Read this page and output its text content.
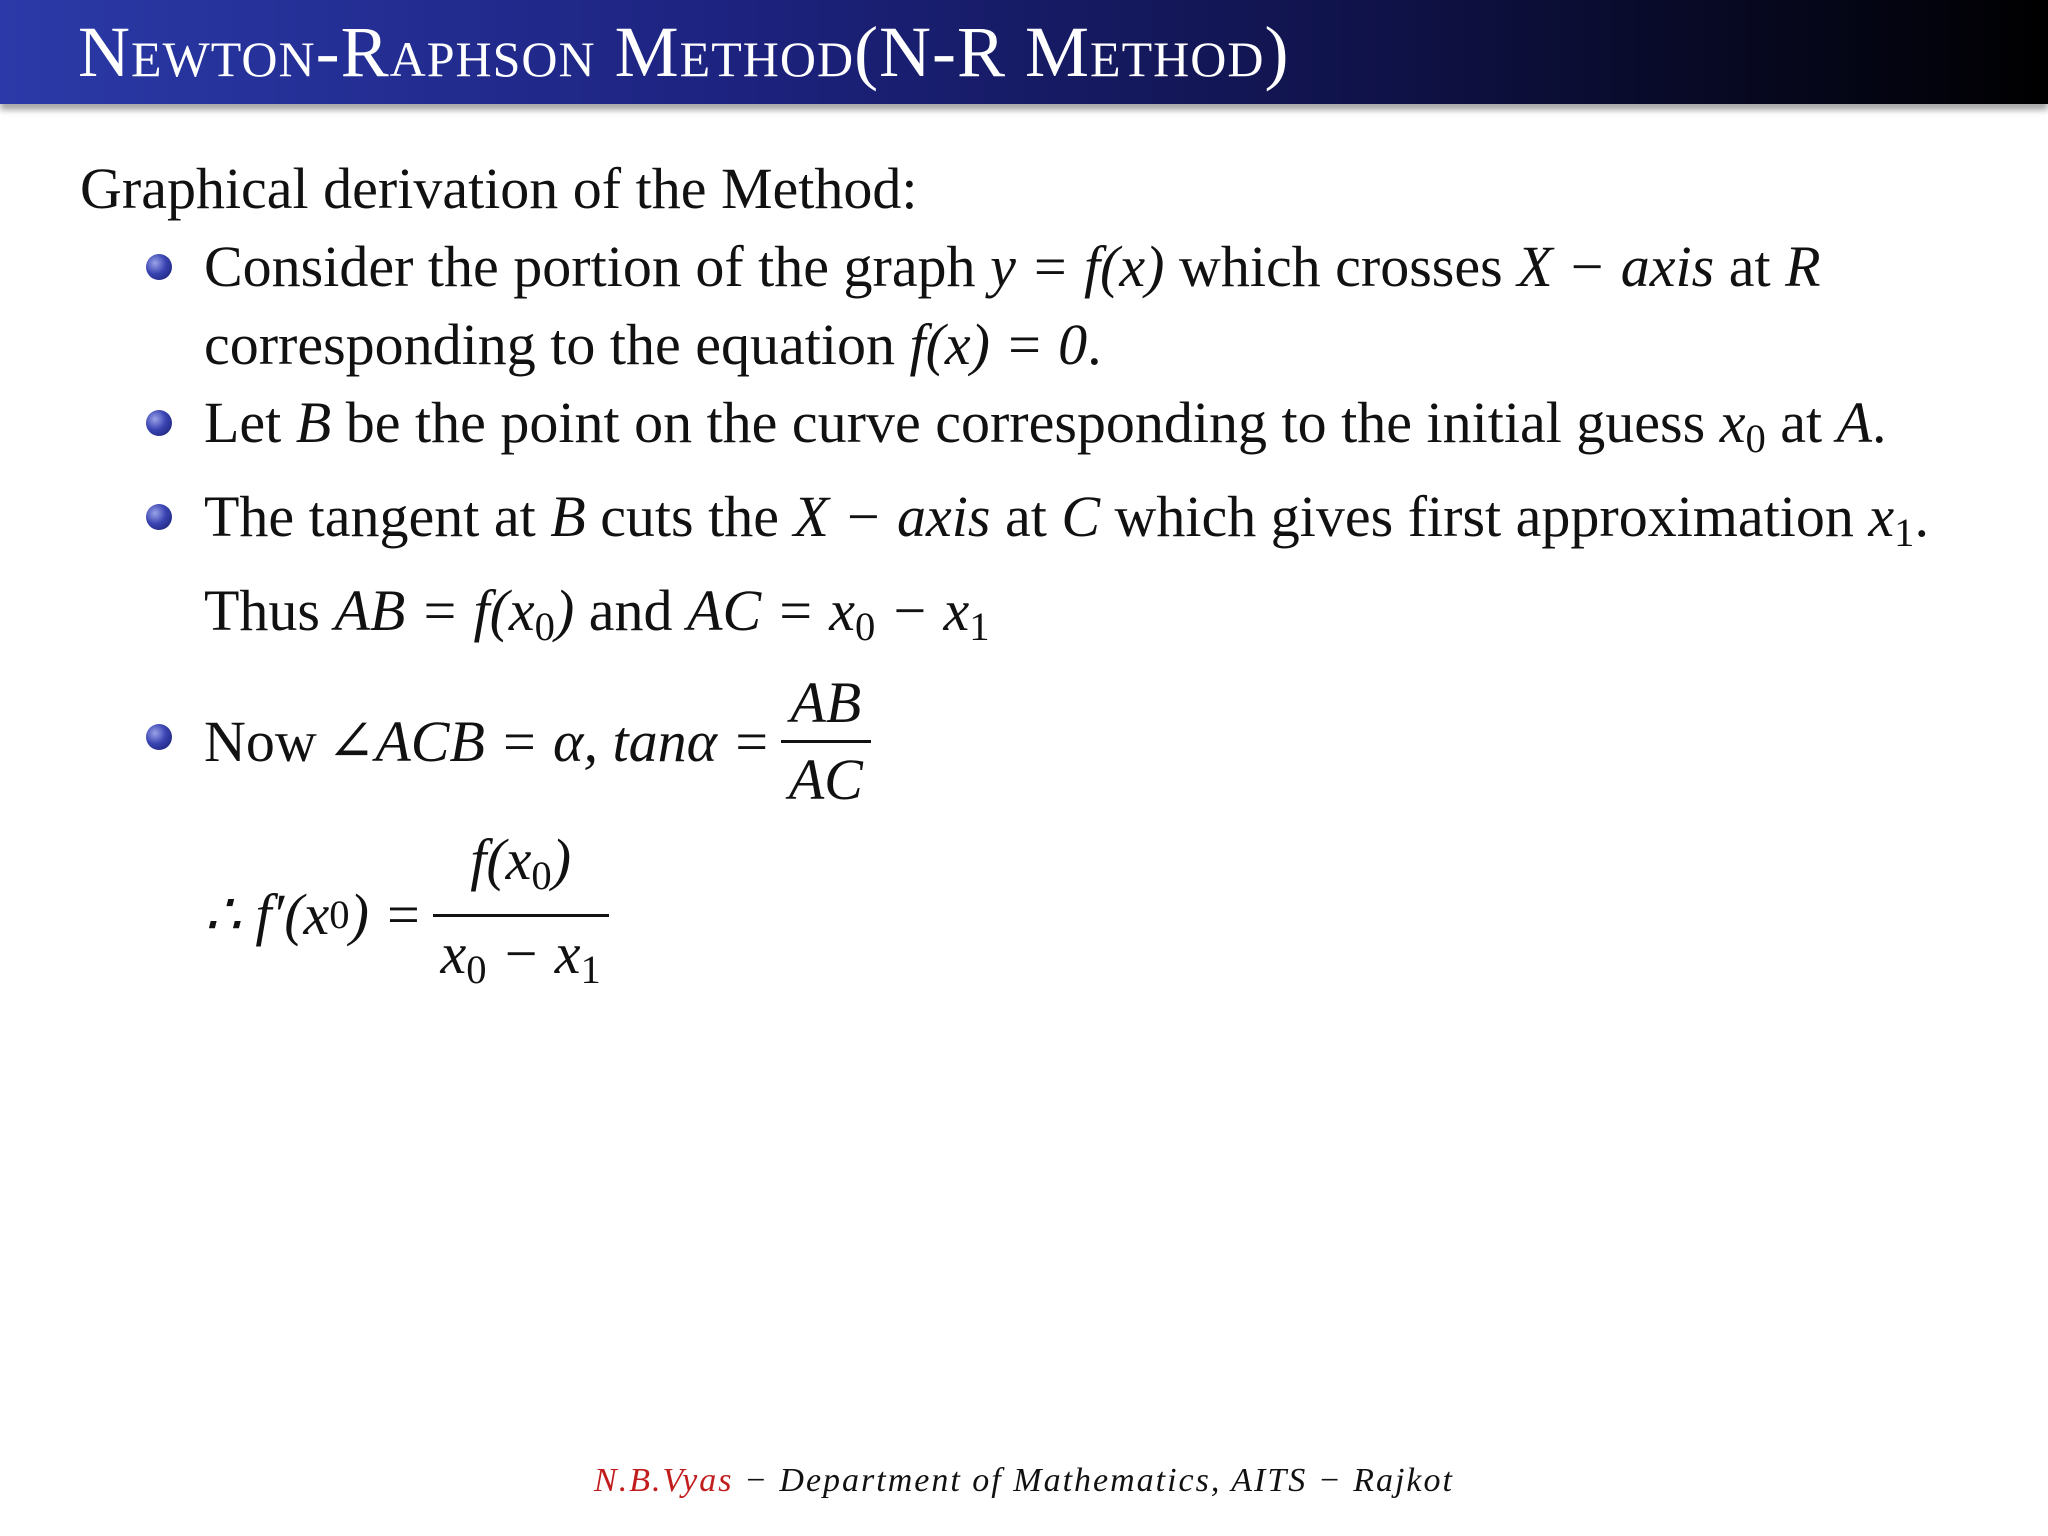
Newton-Raphson Method(N-R Method)

Graphical derivation of the Method:

Consider the portion of the graph y = f(x) which crosses X − axis at R corresponding to the equation f(x) = 0.
Let B be the point on the curve corresponding to the initial guess $x_0$ at A.
The tangent at B cuts the X − axis at C which gives first approximation $x_1$. Thus AB = $f(x_0)$ and AC = $x_0 - x_1$
Now ∠ACB = α, $\tan\alpha = \frac{AB}{AC}$
∴ f′(x 0 ) = $\frac{f(x_0)}{x_0 - x_1}$
N.B.Vyas − Department of Mathematics, AITS − Rajkot
